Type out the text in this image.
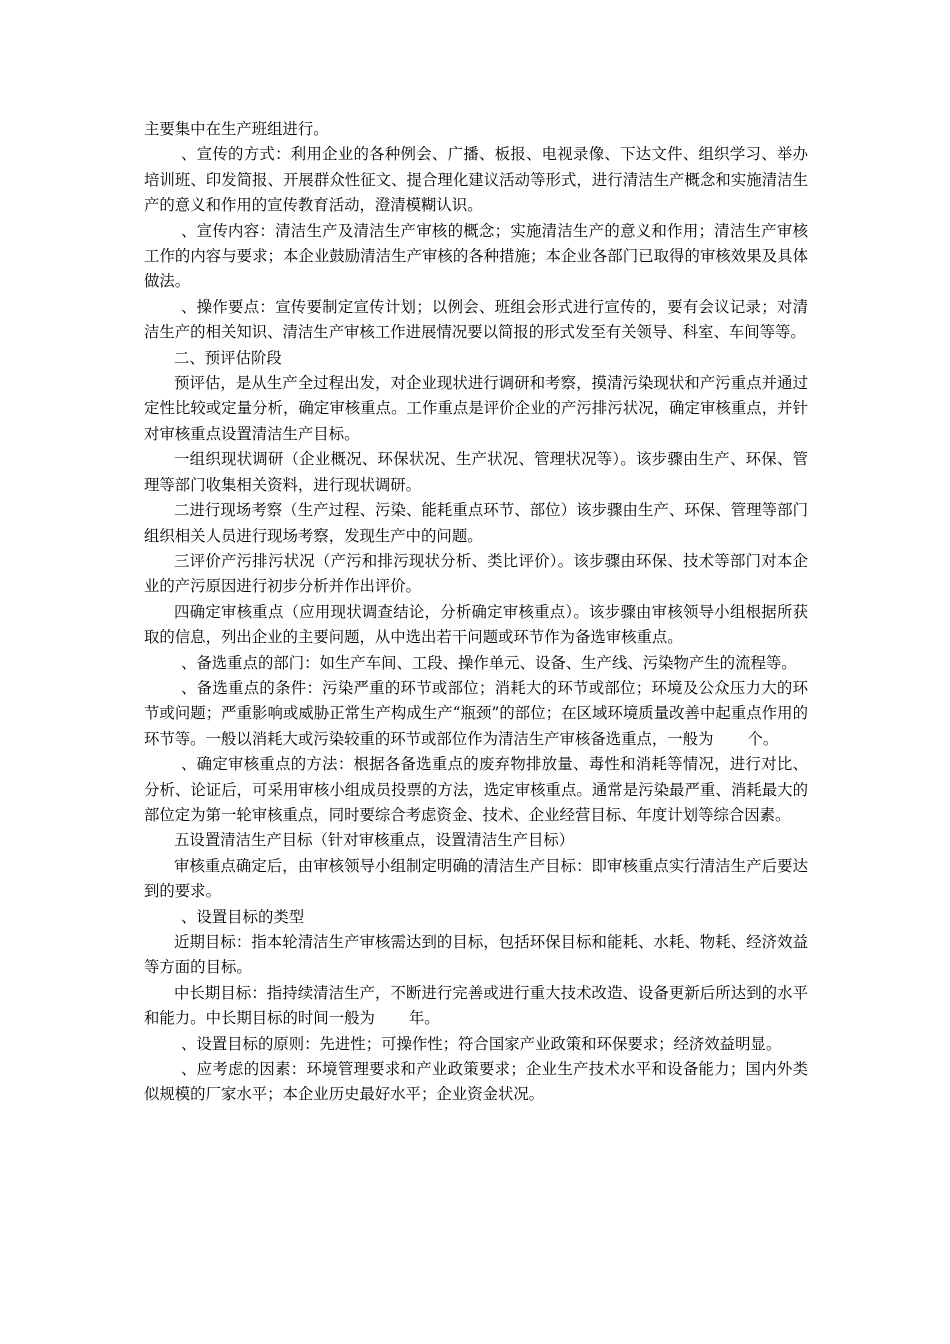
主要集中在生产班组进行。

、宣传的方式：利用企业的各种例会、广播、板报、电视录像、下达文件、组织学习、举办培训班、印发简报、开展群众性征文、提合理化建议活动等形式，进行清洁生产概念和实施清洁生产的意义和作用的宣传教育活动，澄清模糊认识。

、宣传内容：清洁生产及清洁生产审核的概念；实施清洁生产的意义和作用；清洁生产审核工作的内容与要求；本企业鼓励清洁生产审核的各种措施；本企业各部门已取得的审核效果及具体做法。

、操作要点：宣传要制定宣传计划；以例会、班组会形式进行宣传的，要有会议记录；对清洁生产的相关知识、清洁生产审核工作进展情况要以简报的形式发至有关领导、科室、车间等等。

二、预评估阶段

预评估，是从生产全过程出发，对企业现状进行调研和考察，摸清污染现状和产污重点并通过定性比较或定量分析，确定审核重点。工作重点是评价企业的产污排污状况，确定审核重点，并针对审核重点设置清洁生产目标。

一组织现状调研（企业概况、环保状况、生产状况、管理状况等）。该步骤由生产、环保、管理等部门收集相关资料，进行现状调研。

二进行现场考察（生产过程、污染、能耗重点环节、部位）该步骤由生产、环保、管理等部门组织相关人员进行现场考察，发现生产中的问题。

三评价产污排污状况（产污和排污现状分析、类比评价）。该步骤由环保、技术等部门对本企业的产污原因进行初步分析并作出评价。

四确定审核重点（应用现状调查结论，分析确定审核重点）。该步骤由审核领导小组根据所获取的信息，列出企业的主要问题，从中选出若干问题或环节作为备选审核重点。

、备选重点的部门：如生产车间、工段、操作单元、设备、生产线、污染物产生的流程等。

、备选重点的条件：污染严重的环节或部位；消耗大的环节或部位；环境及公众压力大的环节或问题；严重影响或威胁正常生产构成生产“瓶颈”的部位；在区域环境质量改善中起重点作用的环节等。一般以消耗大或污染较重的环节或部位作为清洁生产审核备选重点，一般为 个。

、确定审核重点的方法：根据各备选重点的废弃物排放量、毒性和消耗等情况，进行对比、分析、论证后，可采用审核小组成员投票的方法，选定审核重点。通常是污染最严重、消耗最大的部位定为第一轮审核重点，同时要综合考虑资金、技术、企业经营目标、年度计划等综合因素。

五设置清洁生产目标（针对审核重点，设置清洁生产目标）

审核重点确定后，由审核领导小组制定明确的清洁生产目标：即审核重点实行清洁生产后要达到的要求。

、设置目标的类型

近期目标：指本轮清洁生产审核需达到的目标，包括环保目标和能耗、水耗、物耗、经济效益等方面的目标。

中长期目标：指持续清洁生产，不断进行完善或进行重大技术改造、设备更新后所达到的水平和能力。中长期目标的时间一般为 年。

、设置目标的原则：先进性；可操作性；符合国家产业政策和环保要求；经济效益明显。

、应考虑的因素：环境管理要求和产业政策要求；企业生产技术水平和设备能力；国内外类似规模的厂家水平；本企业历史最好水平；企业资金状况。
